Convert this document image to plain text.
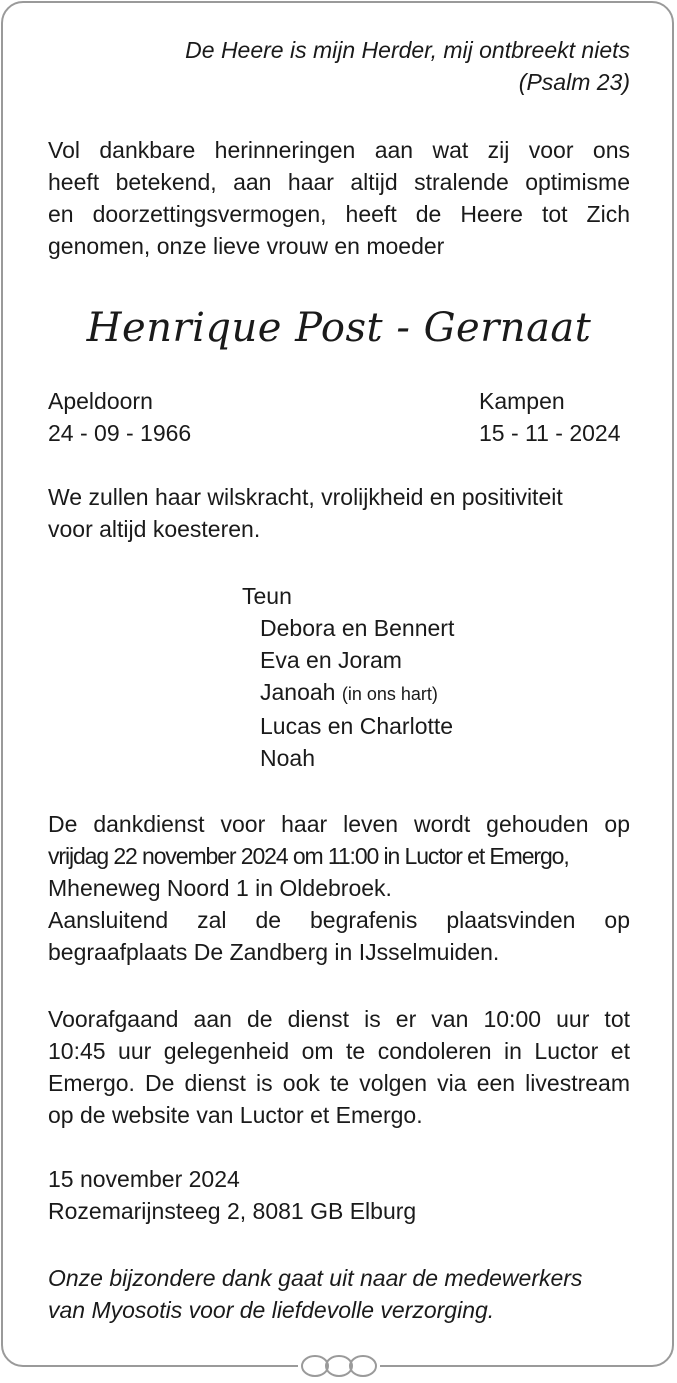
De Heere is mijn Herder, mij ontbreekt niets
(Psalm 23)
Vol dankbare herinneringen aan wat zij voor ons
heeft betekend, aan haar altijd stralende optimisme
en doorzettingsvermogen, heeft de Heere tot Zich
genomen, onze lieve vrouw en moeder
Henrique Post - Gernaat
Apeldoorn
24 - 09 - 1966
Kampen
15 - 11 - 2024
We zullen haar wilskracht, vrolijkheid en positiviteit
voor altijd koesteren.
Teun
Debora en Bennert
Eva en Joram
Janoah (in ons hart)
Lucas en Charlotte
Noah
De dankdienst voor haar leven wordt gehouden op
vrijdag 22 november 2024 om 11:00 in Luctor et Emergo,
Mheneweg Noord 1 in Oldebroek.
Aansluitend zal de begrafenis plaatsvinden op
begraafplaats De Zandberg in IJsselmuiden.
Voorafgaand aan de dienst is er van 10:00 uur tot
10:45 uur gelegenheid om te condoleren in Luctor et
Emergo. De dienst is ook te volgen via een livestream
op de website van Luctor et Emergo.
15 november 2024
Rozemarijnsteeg 2, 8081 GB Elburg
Onze bijzondere dank gaat uit naar de medewerkers
van Myosotis voor de liefdevolle verzorging.
